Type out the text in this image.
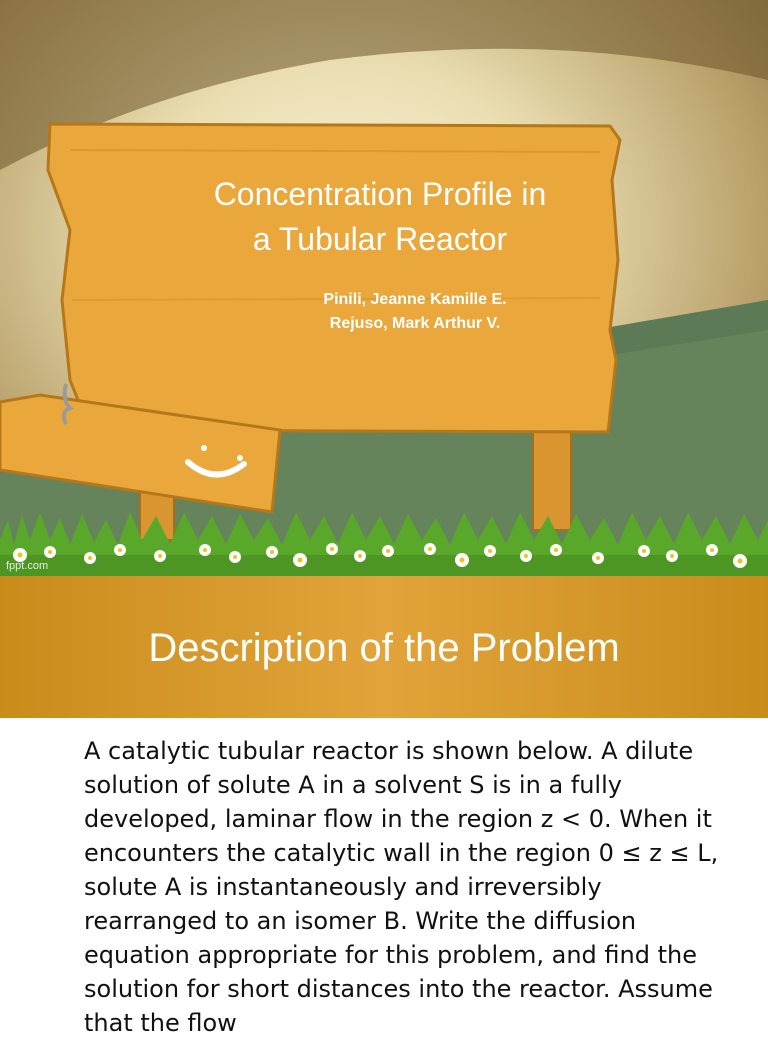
Concentration Profile in
a Tubular Reactor
Pinili, Jeanne Kamille E.
Rejuso, Mark Arthur V.
fppt.com
Description of the Problem
A catalytic tubular reactor is shown below. A dilute solution of solute A in a solvent S is in a fully developed, laminar flow in the region z < 0. When it encounters the catalytic wall in the region 0 ≤ z ≤ L, solute A is instantaneously and irreversibly rearranged to an isomer B. Write the diffusion equation appropriate for this problem, and find the solution for short distances into the reactor. Assume that the flow
